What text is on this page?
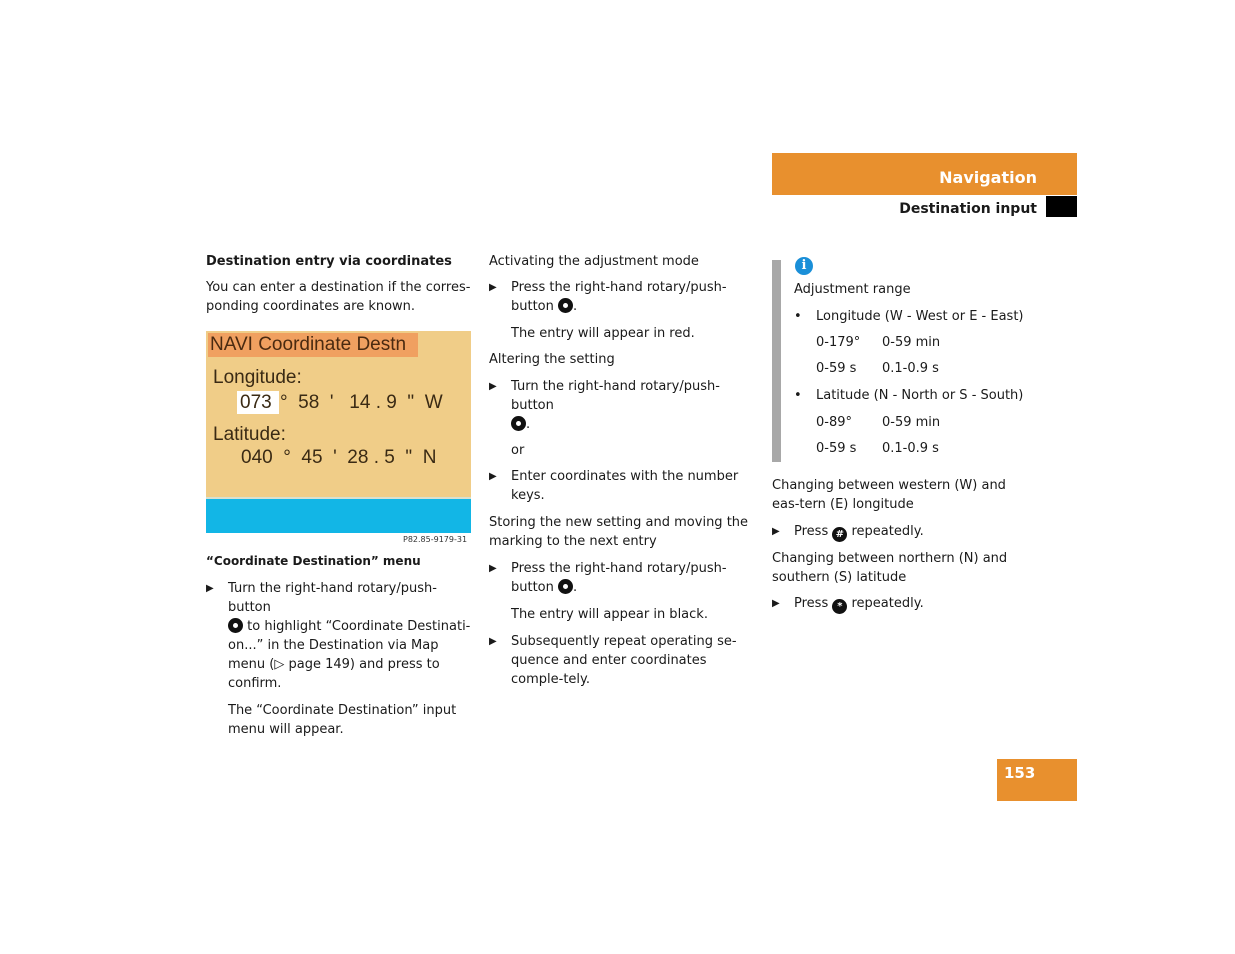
Navigation
Destination input

Destination entry via coordinates

You can enter a destination if the corres-ponding coordinates are known.

NAVI Coordinate Destn
Longitude:
073 °  58  '   14 . 9  "  W
Latitude:
040  °  45  '  28 . 5  "  N
P82.85-9179-31

“Coordinate Destination” menu

▶ Turn the right-hand rotary/push-button
to highlight “Coordinate Destinati-on...” in the Destination via Map menu (▷ page 149) and press to confirm.

The “Coordinate Destination” input menu will appear.

Activating the adjustment mode

▶ Press the right-hand rotary/push-button .

The entry will appear in red.

Altering the setting

▶ Turn the right-hand rotary/push-button
.

or

▶ Enter coordinates with the number keys.

Storing the new setting and moving the marking to the next entry

▶ Press the right-hand rotary/push-button .

The entry will appear in black.

▶ Subsequently repeat operating se-quence and enter coordinates comple-tely.

i

Adjustment range

• Longitude (W - West or E - East)

0-179°	0-59 min

0-59 s	0.1-0.9 s

• Latitude (N - North or S - South)

0-89°	0-59 min

0-59 s	0.1-0.9 s

Changing between western (W) and eas-tern (E) longitude

▶ Press # repeatedly.

Changing between northern (N) and southern (S) latitude

▶ Press * repeatedly.

153
